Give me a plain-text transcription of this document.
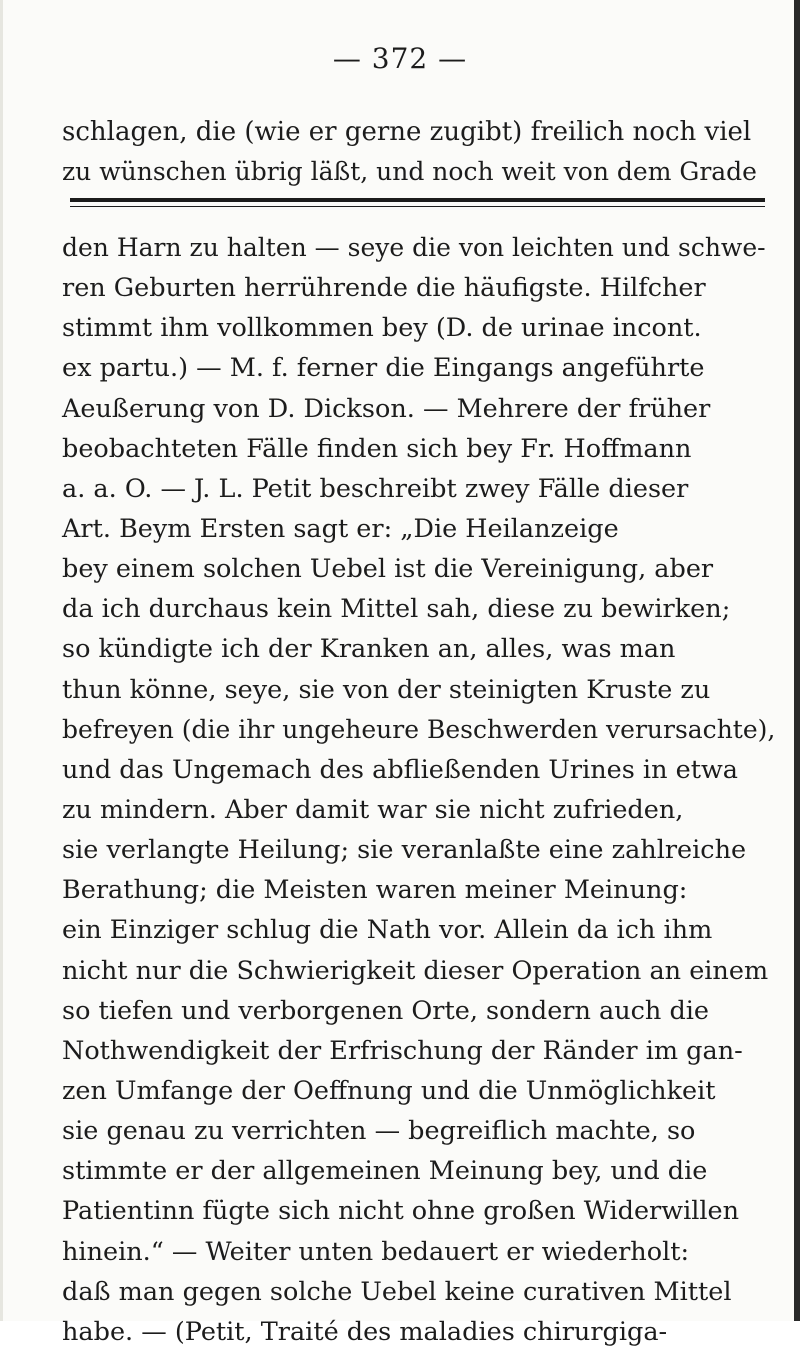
— 372 —
schlagen, die (wie er gerne zugibt) freilich noch viel
zu wünschen übrig läßt, und noch weit von dem Grade
den Harn zu halten — seye die von leichten und schwe-
ren Geburten herrührende die häufigste. Hilfcher
stimmt ihm vollkommen bey (D. de urinae incont.
ex partu.) — M. f. ferner die Eingangs angeführte
Aeußerung von D. Dickson. — Mehrere der früher
beobachteten Fälle finden sich bey Fr. Hoffmann
a. a. O. — J. L. Petit beschreibt zwey Fälle dieser
Art. Beym Ersten sagt er: „Die Heilanzeige
bey einem solchen Uebel ist die Vereinigung, aber
da ich durchaus kein Mittel sah, diese zu bewirken;
so kündigte ich der Kranken an, alles, was man
thun könne, seye, sie von der steinigten Kruste zu
befreyen (die ihr ungeheure Beschwerden verursachte),
und das Ungemach des abfließenden Urines in etwa
zu mindern. Aber damit war sie nicht zufrieden,
sie verlangte Heilung; sie veranlaßte eine zahlreiche
Berathung; die Meisten waren meiner Meinung:
ein Einziger schlug die Nath vor. Allein da ich ihm
nicht nur die Schwierigkeit dieser Operation an einem
so tiefen und verborgenen Orte, sondern auch die
Nothwendigkeit der Erfrischung der Ränder im gan-
zen Umfange der Oeffnung und die Unmöglichkeit
sie genau zu verrichten — begreiflich machte, so
stimmte er der allgemeinen Meinung bey, und die
Patientinn fügte sich nicht ohne großen Widerwillen
hinein.“ — Weiter unten bedauert er wiederholt:
daß man gegen solche Uebel keine curativen Mittel
habe. — (Petit, Traité des maladies chirurgiga-
